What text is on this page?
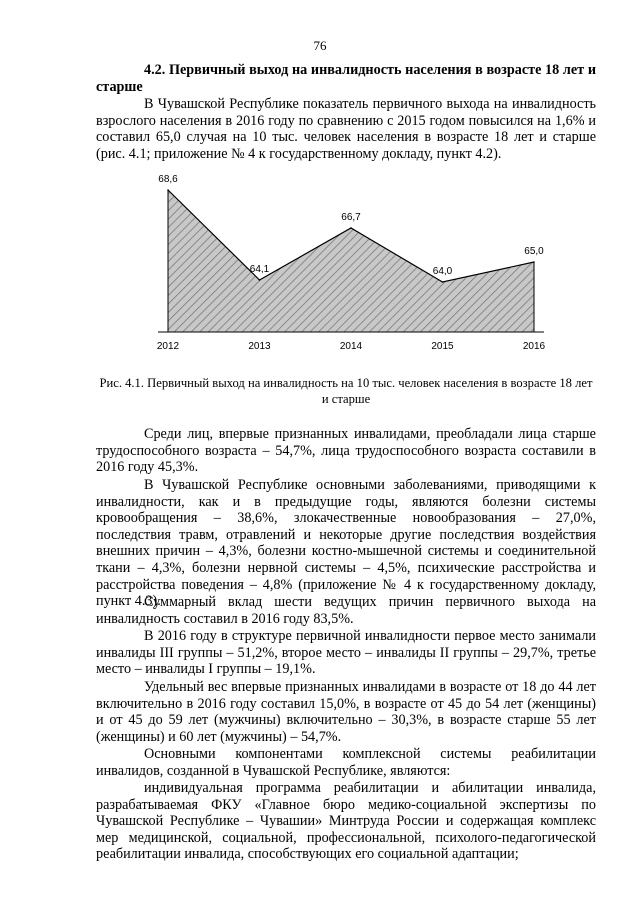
76
4.2. Первичный выход на инвалидность населения в возрасте 18 лет и старше

В Чувашской Республике показатель первичного выхода на инвалидность взрослого населения в 2016 году по сравнению с 2015 годом повысился на 1,6% и составил 65,0 случая на 10 тыс. человек населения в возрасте 18 лет и старше (рис. 4.1; приложение № 4 к государственному докладу, пункт 4.2).

68,6
2012
64,1
2013
66,7
2014
64,0
2015
65,0
2016
Рис. 4.1. Первичный выход на инвалидность на 10 тыс. человек населения в возрасте 18 лет и старше

Среди лиц, впервые признанных инвалидами, преобладали лица старше трудоспособного возраста – 54,7%, лица трудоспособного возраста составили в 2016 году 45,3%.

В Чувашской Республике основными заболеваниями, приводящими к инвалидности, как и в предыдущие годы, являются болезни системы кровообращения – 38,6%, злокачественные новообразования – 27,0%, последствия травм, отравлений и некоторые другие последствия воздействия внешних причин – 4,3%, болезни костно-мышечной системы и соединительной ткани – 4,3%, болезни нервной системы – 4,5%, психические расстройства и расстройства поведения – 4,8% (приложение № 4 к государственному докладу, пункт 4.3).

Суммарный вклад шести ведущих причин первичного выхода на инвалидность составил в 2016 году 83,5%.

В 2016 году в структуре первичной инвалидности первое место занимали инвалиды III группы – 51,2%, второе место – инвалиды II группы – 29,7%, третье место – инвалиды I группы – 19,1%.

Удельный вес впервые признанных инвалидами в возрасте от 18 до 44 лет включительно в 2016 году составил 15,0%, в возрасте от 45 до 54 лет (женщины) и от 45 до 59 лет (мужчины) включительно – 30,3%, в возрасте старше 55 лет (женщины) и 60 лет (мужчины) – 54,7%.

Основными компонентами комплексной системы реабилитации инвалидов, созданной в Чувашской Республике, являются:

индивидуальная программа реабилитации и абилитации инвалида, разрабатываемая ФКУ «Главное бюро медико-социальной экспертизы по Чувашской Республике – Чувашии» Минтруда России и содержащая комплекс мер медицинской, социальной, профессиональной, психолого-педагогической реабилитации инвалида, способствующих его социальной адаптации;
